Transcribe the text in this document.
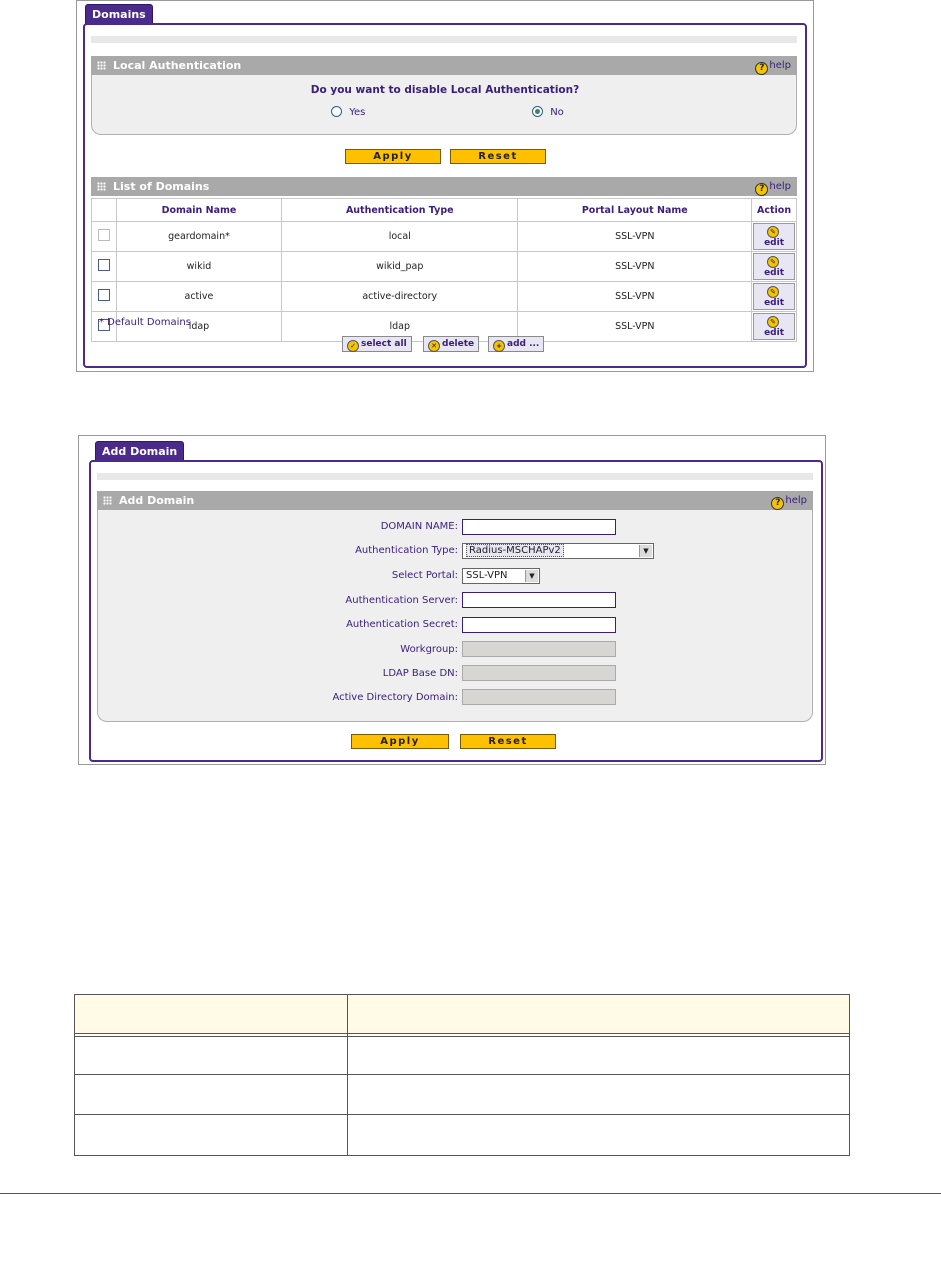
Domains
Local Authentication	? help
Do you want to disable Local Authentication?
Yes	No
Apply	Reset
List of Domains	? help
	Domain Name	Authentication Type	Portal Layout Name	Action
	geardomain*	local	SSL-VPN	✎edit
	wikid	wikid_pap	SSL-VPN	✎edit
	active	active-directory	SSL-VPN	✎edit
	ldap	ldap	SSL-VPN	✎edit
* Default Domains
✓ select all	✕ delete	+ add ...
Add Domain
Add Domain	? help
DOMAIN NAME:
Authentication Type:	Radius-MSCHAPv2	▼
Select Portal: SSL-VPN	▼
Authentication Server:
Authentication Secret:
Workgroup:
LDAP Base DN:
Active Directory Domain:
Apply	Reset
